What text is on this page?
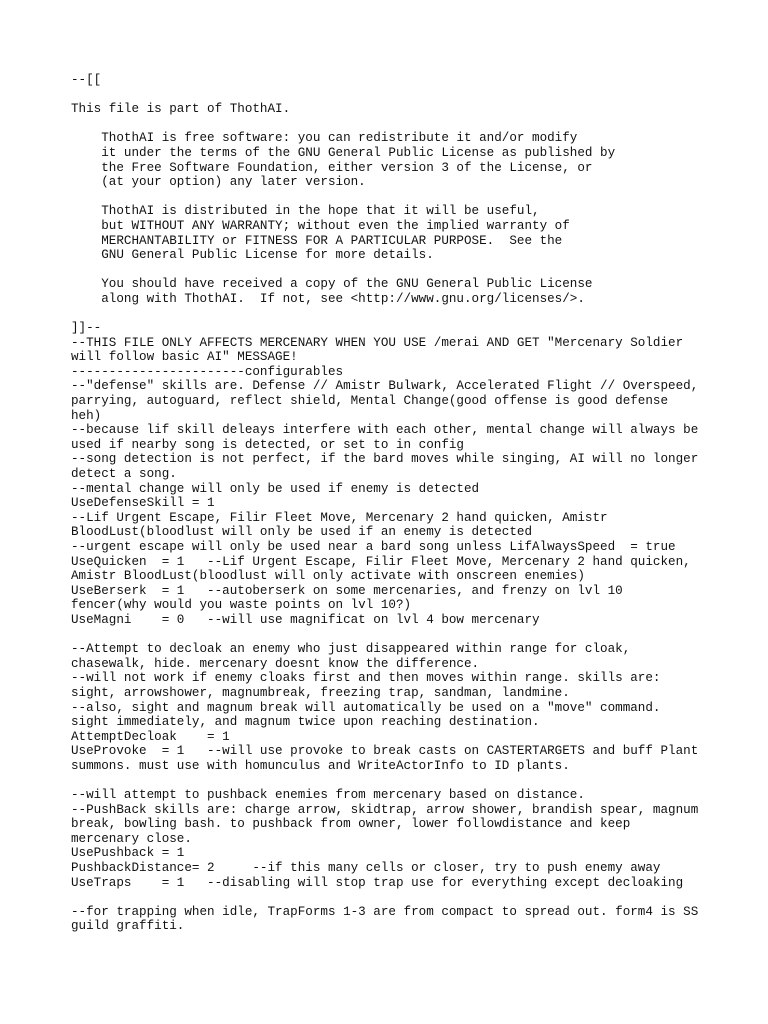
--[[
This file is part of ThothAI.
ThothAI is free software: you can redistribute it and/or modify
it under the terms of the GNU General Public License as published by
the Free Software Foundation, either version 3 of the License, or
(at your option) any later version.
ThothAI is distributed in the hope that it will be useful,
but WITHOUT ANY WARRANTY; without even the implied warranty of
MERCHANTABILITY or FITNESS FOR A PARTICULAR PURPOSE.  See the
GNU General Public License for more details.
You should have received a copy of the GNU General Public License
along with ThothAI.  If not, see <http://www.gnu.org/licenses/>.
]]--
--THIS FILE ONLY AFFECTS MERCENARY WHEN YOU USE /merai AND GET "Mercenary Soldier
will follow basic AI" MESSAGE!
-----------------------configurables
--"defense" skills are. Defense // Amistr Bulwark, Accelerated Flight // Overspeed,
parrying, autoguard, reflect shield, Mental Change(good offense is good defense
heh)
--because lif skill deleays interfere with each other, mental change will always be
used if nearby song is detected, or set to in config
--song detection is not perfect, if the bard moves while singing, AI will no longer
detect a song.
--mental change will only be used if enemy is detected
UseDefenseSkill = 1
--Lif Urgent Escape, Filir Fleet Move, Mercenary 2 hand quicken, Amistr
BloodLust(bloodlust will only be used if an enemy is detected
--urgent escape will only be used near a bard song unless LifAlwaysSpeed  = true
UseQuicken  = 1   --Lif Urgent Escape, Filir Fleet Move, Mercenary 2 hand quicken,
Amistr BloodLust(bloodlust will only activate with onscreen enemies)
UseBerserk  = 1   --autoberserk on some mercenaries, and frenzy on lvl 10
fencer(why would you waste points on lvl 10?)
UseMagni    = 0   --will use magnificat on lvl 4 bow mercenary
--Attempt to decloak an enemy who just disappeared within range for cloak,
chasewalk, hide. mercenary doesnt know the difference.
--will not work if enemy cloaks first and then moves within range. skills are:
sight, arrowshower, magnumbreak, freezing trap, sandman, landmine.
--also, sight and magnum break will automatically be used on a "move" command.
sight immediately, and magnum twice upon reaching destination.
AttemptDecloak    = 1
UseProvoke  = 1   --will use provoke to break casts on CASTERTARGETS and buff Plant
summons. must use with homunculus and WriteActorInfo to ID plants.
--will attempt to pushback enemies from mercenary based on distance.
--PushBack skills are: charge arrow, skidtrap, arrow shower, brandish spear, magnum
break, bowling bash. to pushback from owner, lower followdistance and keep
mercenary close.
UsePushback = 1
PushbackDistance= 2     --if this many cells or closer, try to push enemy away
UseTraps    = 1   --disabling will stop trap use for everything except decloaking
--for trapping when idle, TrapForms 1-3 are from compact to spread out. form4 is SS
guild graffiti.
